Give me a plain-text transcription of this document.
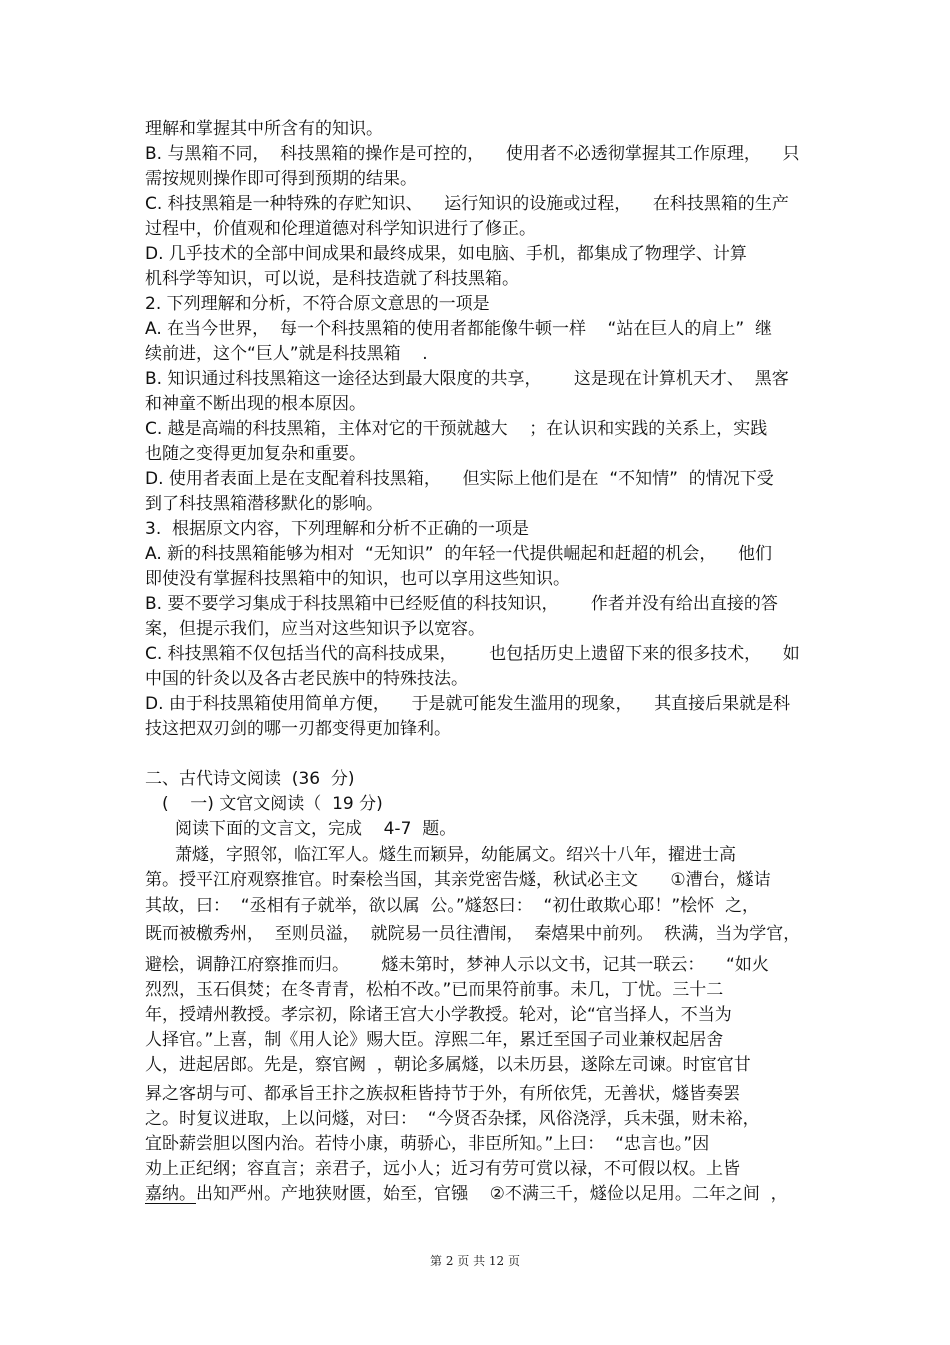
理解和掌握其中所含有的知识。
B. 与黑箱不同，  科技黑箱的操作是可控的，    使用者不必透彻掌握其工作原理，    只
需按规则操作即可得到预期的结果。
C. 科技黑箱是一种特殊的存贮知识、    运行知识的设施或过程，    在科技黑箱的生产
过程中，价值观和伦理道德对科学知识进行了修正。
D. 几乎技术的全部中间成果和最终成果，如电脑、手机，都集成了物理学、计算
机科学等知识，可以说，是科技造就了科技黑箱。
2. 下列理解和分析，不符合原文意思的一项是
A. 在当今世界，  每一个科技黑箱的使用者都能像牛顿一样    “站在巨人的肩上”  继
续前进，这个“巨人”就是科技黑箱    .
B. 知识通过科技黑箱这一途径达到最大限度的共享，      这是现在计算机天才、  黑客
和神童不断出现的根本原因。
C. 越是高端的科技黑箱，主体对它的干预就越大    ；在认识和实践的关系上，实践
也随之变得更加复杂和重要。
D. 使用者表面上是在支配着科技黑箱，    但实际上他们是在  “不知情”  的情况下受
到了科技黑箱潜移默化的影响。
3.  根据原文内容，下列理解和分析不正确的一项是
A. 新的科技黑箱能够为相对  “无知识”  的年轻一代提供崛起和赶超的机会，    他们
即使没有掌握科技黑箱中的知识，也可以享用这些知识。
B. 要不要学习集成于科技黑箱中已经贬值的科技知识，      作者并没有给出直接的答
案，但提示我们，应当对这些知识予以宽容。
C. 科技黑箱不仅包括当代的高科技成果，      也包括历史上遗留下来的很多技术，    如
中国的针灸以及各古老民族中的特殊技法。
D. 由于科技黑箱使用简单方便，    于是就可能发生滥用的现象，    其直接后果就是科
技这把双刃剑的哪一刃都变得更加锋利。
二、古代诗文阅读  (36  分)
(    一) 文官文阅读（  19 分)
阅读下面的文言文，完成    4-7  题。
萧燧，字照邻，临江军人。燧生而颖异，幼能属文。绍兴十八年，擢进士高
第。授平江府观察推官。时秦桧当国，其亲党密告燧，秋试必主文      ①漕台，燧诘
其故，曰：  “丞相有子就举，欲以属  公。”燧怒曰：  “初仕敢欺心耶！”桧怀  之，
既而被檄秀州，  至则员溢，  就院易一员往漕闱，  秦熺果中前列。  秩满，当为学官，
避桧，调静江府察推而归。      燧未第时，梦神人示以文书，记其一联云：    “如火
烈烈，玉石俱焚；在冬青青，松柏不改。”已而果符前事。未几，丁忧。三十二
年，授靖州教授。孝宗初，除诸王宫大小学教授。轮对，论“官当择人，不当为
人择官。”上喜，制《用人论》赐大臣。淳熙二年，累迁至国子司业兼权起居舍
人，进起居郎。先是，察官阙  ，朝论多属燧，以未历县，遂除左司谏。时宦官甘
昪之客胡与可、都承旨王抃之族叔秬皆持节于外，有所依凭，无善状，燧皆奏罢
之。时复议进取，上以问燧，对曰：  “今贤否杂揉，风俗浇浮，兵未强，财未裕，
宜卧薪尝胆以图内治。若恃小康，萌骄心，非臣所知。”上曰：  “忠言也。”因
劝上正纪纲；容直言；亲君子，远小人；近习有劳可赏以禄，不可假以权。上皆
嘉纳。出知严州。产地狭财匮，始至，官镪    ②不满三千，燧俭以足用。二年之间  ，
第 2 页 共 12 页
